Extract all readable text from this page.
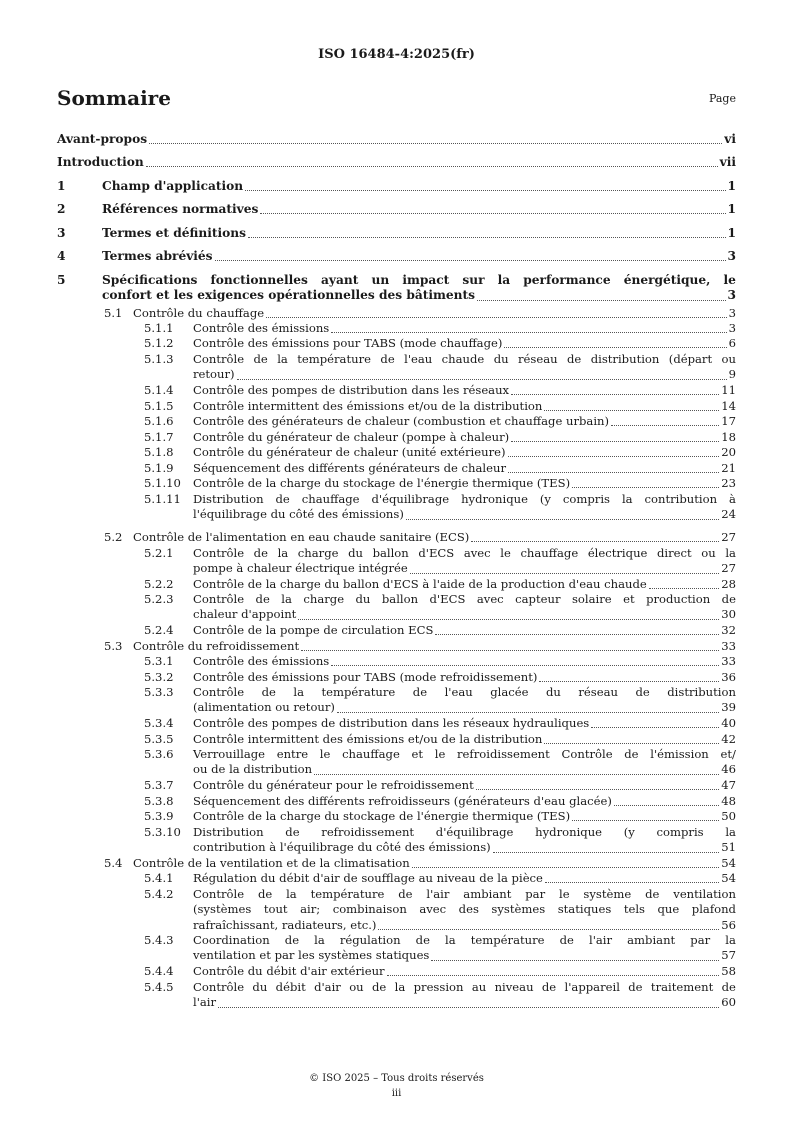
ISO 16484-4:2025(fr)
Sommaire	Page
Avant-propos	vi
Introduction	vii
1	Champ d'application	1
2	Références normatives	1
3	Termes et définitions	1
4	Termes abréviés	3
5	Spécifications fonctionnelles ayant un impact sur la performance énergétique, le
confort et les exigences opérationnelles des bâtiments	3
5.1 Contrôle du chauffage	3
5.1.1 Contrôle des émissions	3
5.1.2 Contrôle des émissions pour TABS (mode chauffage)	6
5.1.3 Contrôle de la température de l'eau chaude du réseau de distribution (départ ou
retour)	9
5.1.4 Contrôle des pompes de distribution dans les réseaux	11
5.1.5 Contrôle intermittent des émissions et/ou de la distribution	14
5.1.6 Contrôle des générateurs de chaleur (combustion et chauffage urbain)	17
5.1.7 Contrôle du générateur de chaleur (pompe à chaleur)	18
5.1.8 Contrôle du générateur de chaleur (unité extérieure)	20
5.1.9 Séquencement des différents générateurs de chaleur	21
5.1.10 Contrôle de la charge du stockage de l'énergie thermique (TES)	23
5.1.11 Distribution de chauffage d'équilibrage hydronique (y compris la contribution à
l'équilibrage du côté des émissions)	24
5.2 Contrôle de l'alimentation en eau chaude sanitaire (ECS)	27
5.2.1 Contrôle de la charge du ballon d'ECS avec le chauffage électrique direct ou la
pompe à chaleur électrique intégrée	27
5.2.2 Contrôle de la charge du ballon d'ECS à l'aide de la production d'eau chaude	28
5.2.3 Contrôle de la charge du ballon d'ECS avec capteur solaire et production de
chaleur d'appoint	30
5.2.4 Contrôle de la pompe de circulation ECS	32
5.3 Contrôle du refroidissement	33
5.3.1 Contrôle des émissions	33
5.3.2 Contrôle des émissions pour TABS (mode refroidissement)	36
5.3.3 Contrôle de la température de l'eau glacée du réseau de distribution
(alimentation ou retour)	39
5.3.4 Contrôle des pompes de distribution dans les réseaux hydrauliques	40
5.3.5 Contrôle intermittent des émissions et/ou de la distribution	42
5.3.6 Verrouillage entre le chauffage et le refroidissement Contrôle de l'émission et/
ou de la distribution	46
5.3.7 Contrôle du générateur pour le refroidissement	47
5.3.8 Séquencement des différents refroidisseurs (générateurs d'eau glacée)	48
5.3.9 Contrôle de la charge du stockage de l'énergie thermique (TES)	50
5.3.10 Distribution de refroidissement d'équilibrage hydronique (y compris la
contribution à l'équilibrage du côté des émissions)	51
5.4 Contrôle de la ventilation et de la climatisation	54
5.4.1 Régulation du débit d'air de soufflage au niveau de la pièce	54
5.4.2 Contrôle de la température de l'air ambiant par le système de ventilation
(systèmes tout air; combinaison avec des systèmes statiques tels que plafond
rafraîchissant, radiateurs, etc.)	56
5.4.3 Coordination de la régulation de la température de l'air ambiant par la
ventilation et par les systèmes statiques	57
5.4.4 Contrôle du débit d'air extérieur	58
5.4.5 Contrôle du débit d'air ou de la pression au niveau de l'appareil de traitement de
l'air	60
© ISO 2025 – Tous droits réservés
iii
